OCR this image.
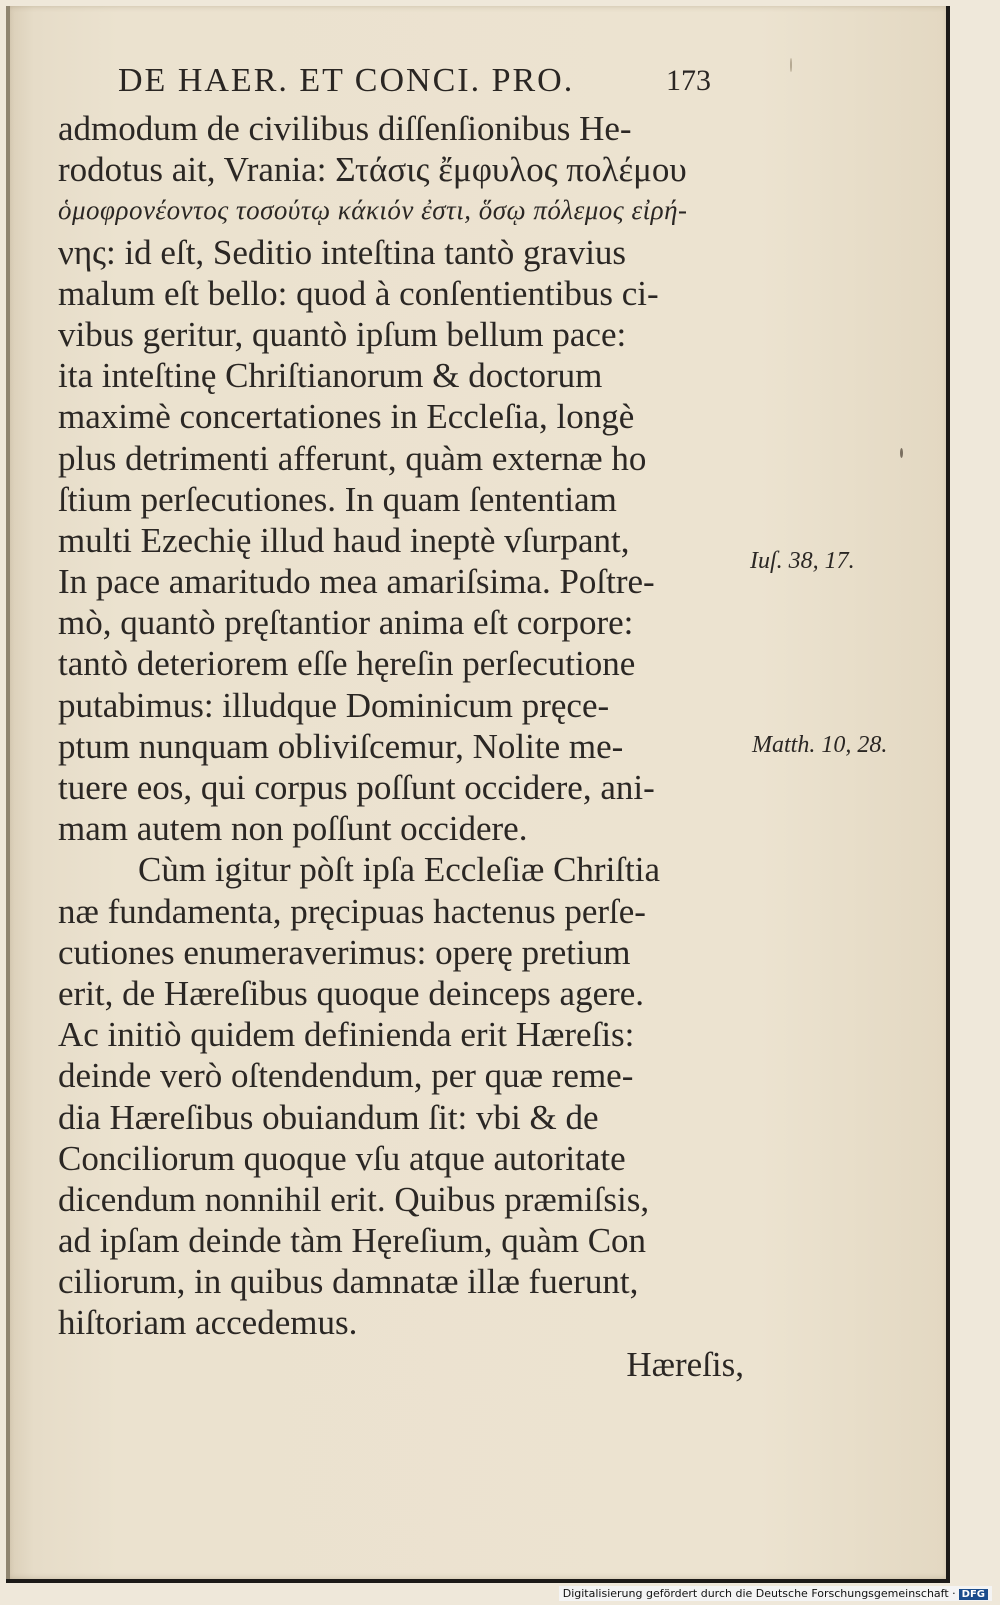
DE HAER. ET CONCI. PRO.	173
admodum de civilibus diſſenſionibus He-
rodotus ait, Vrania: Στάσις ἔμφυλος πολέμου
ὁμοφρονέοντος τοσούτῳ κάκιόν ἐστι, ὅσῳ πόλεμος εἰρή-
νης: id eſt, Seditio inteſtina tantò gravius
malum eſt bello: quod à conſentientibus ci-
vibus geritur, quantò ipſum bellum pace:
ita inteſtinę Chriſtianorum & doctorum
maximè concertationes in Eccleſia, longè
plus detrimenti afferunt, quàm externæ ho
ſtium perſecutiones. In quam ſententiam
multi Ezechię illud haud ineptè vſurpant,
In pace amaritudo mea amariſsima. Poſtre-
mò, quantò pręſtantior anima eſt corpore:
tantò deteriorem eſſe hęreſin perſecutione
putabimus: illudque Dominicum pręce-
ptum nunquam obliviſcemur, Nolite me-
tuere eos, qui corpus poſſunt occidere, ani-
mam autem non poſſunt occidere.
Cùm igitur pòſt ipſa Eccleſiæ Chriſtia
næ fundamenta, pręcipuas hactenus perſe-
cutiones enumeraverimus: operę pretium
erit, de Hæreſibus quoque deinceps agere.
Ac initiò quidem definienda erit Hæreſis:
deinde verò oſtendendum, per quæ reme-
dia Hæreſibus obuiandum ſit: vbi & de
Conciliorum quoque vſu atque autoritate
dicendum nonnihil erit. Quibus præmiſsis,
ad ipſam deinde tàm Hęreſium, quàm Con
ciliorum, in quibus damnatæ illæ fuerunt,
hiſtoriam accedemus.
Hæreſis,
Iuſ. 38, 17.
Matth. 10, 28.
Digitalisierung gefördert durch die Deutsche Forschungsgemeinschaft · DFG
